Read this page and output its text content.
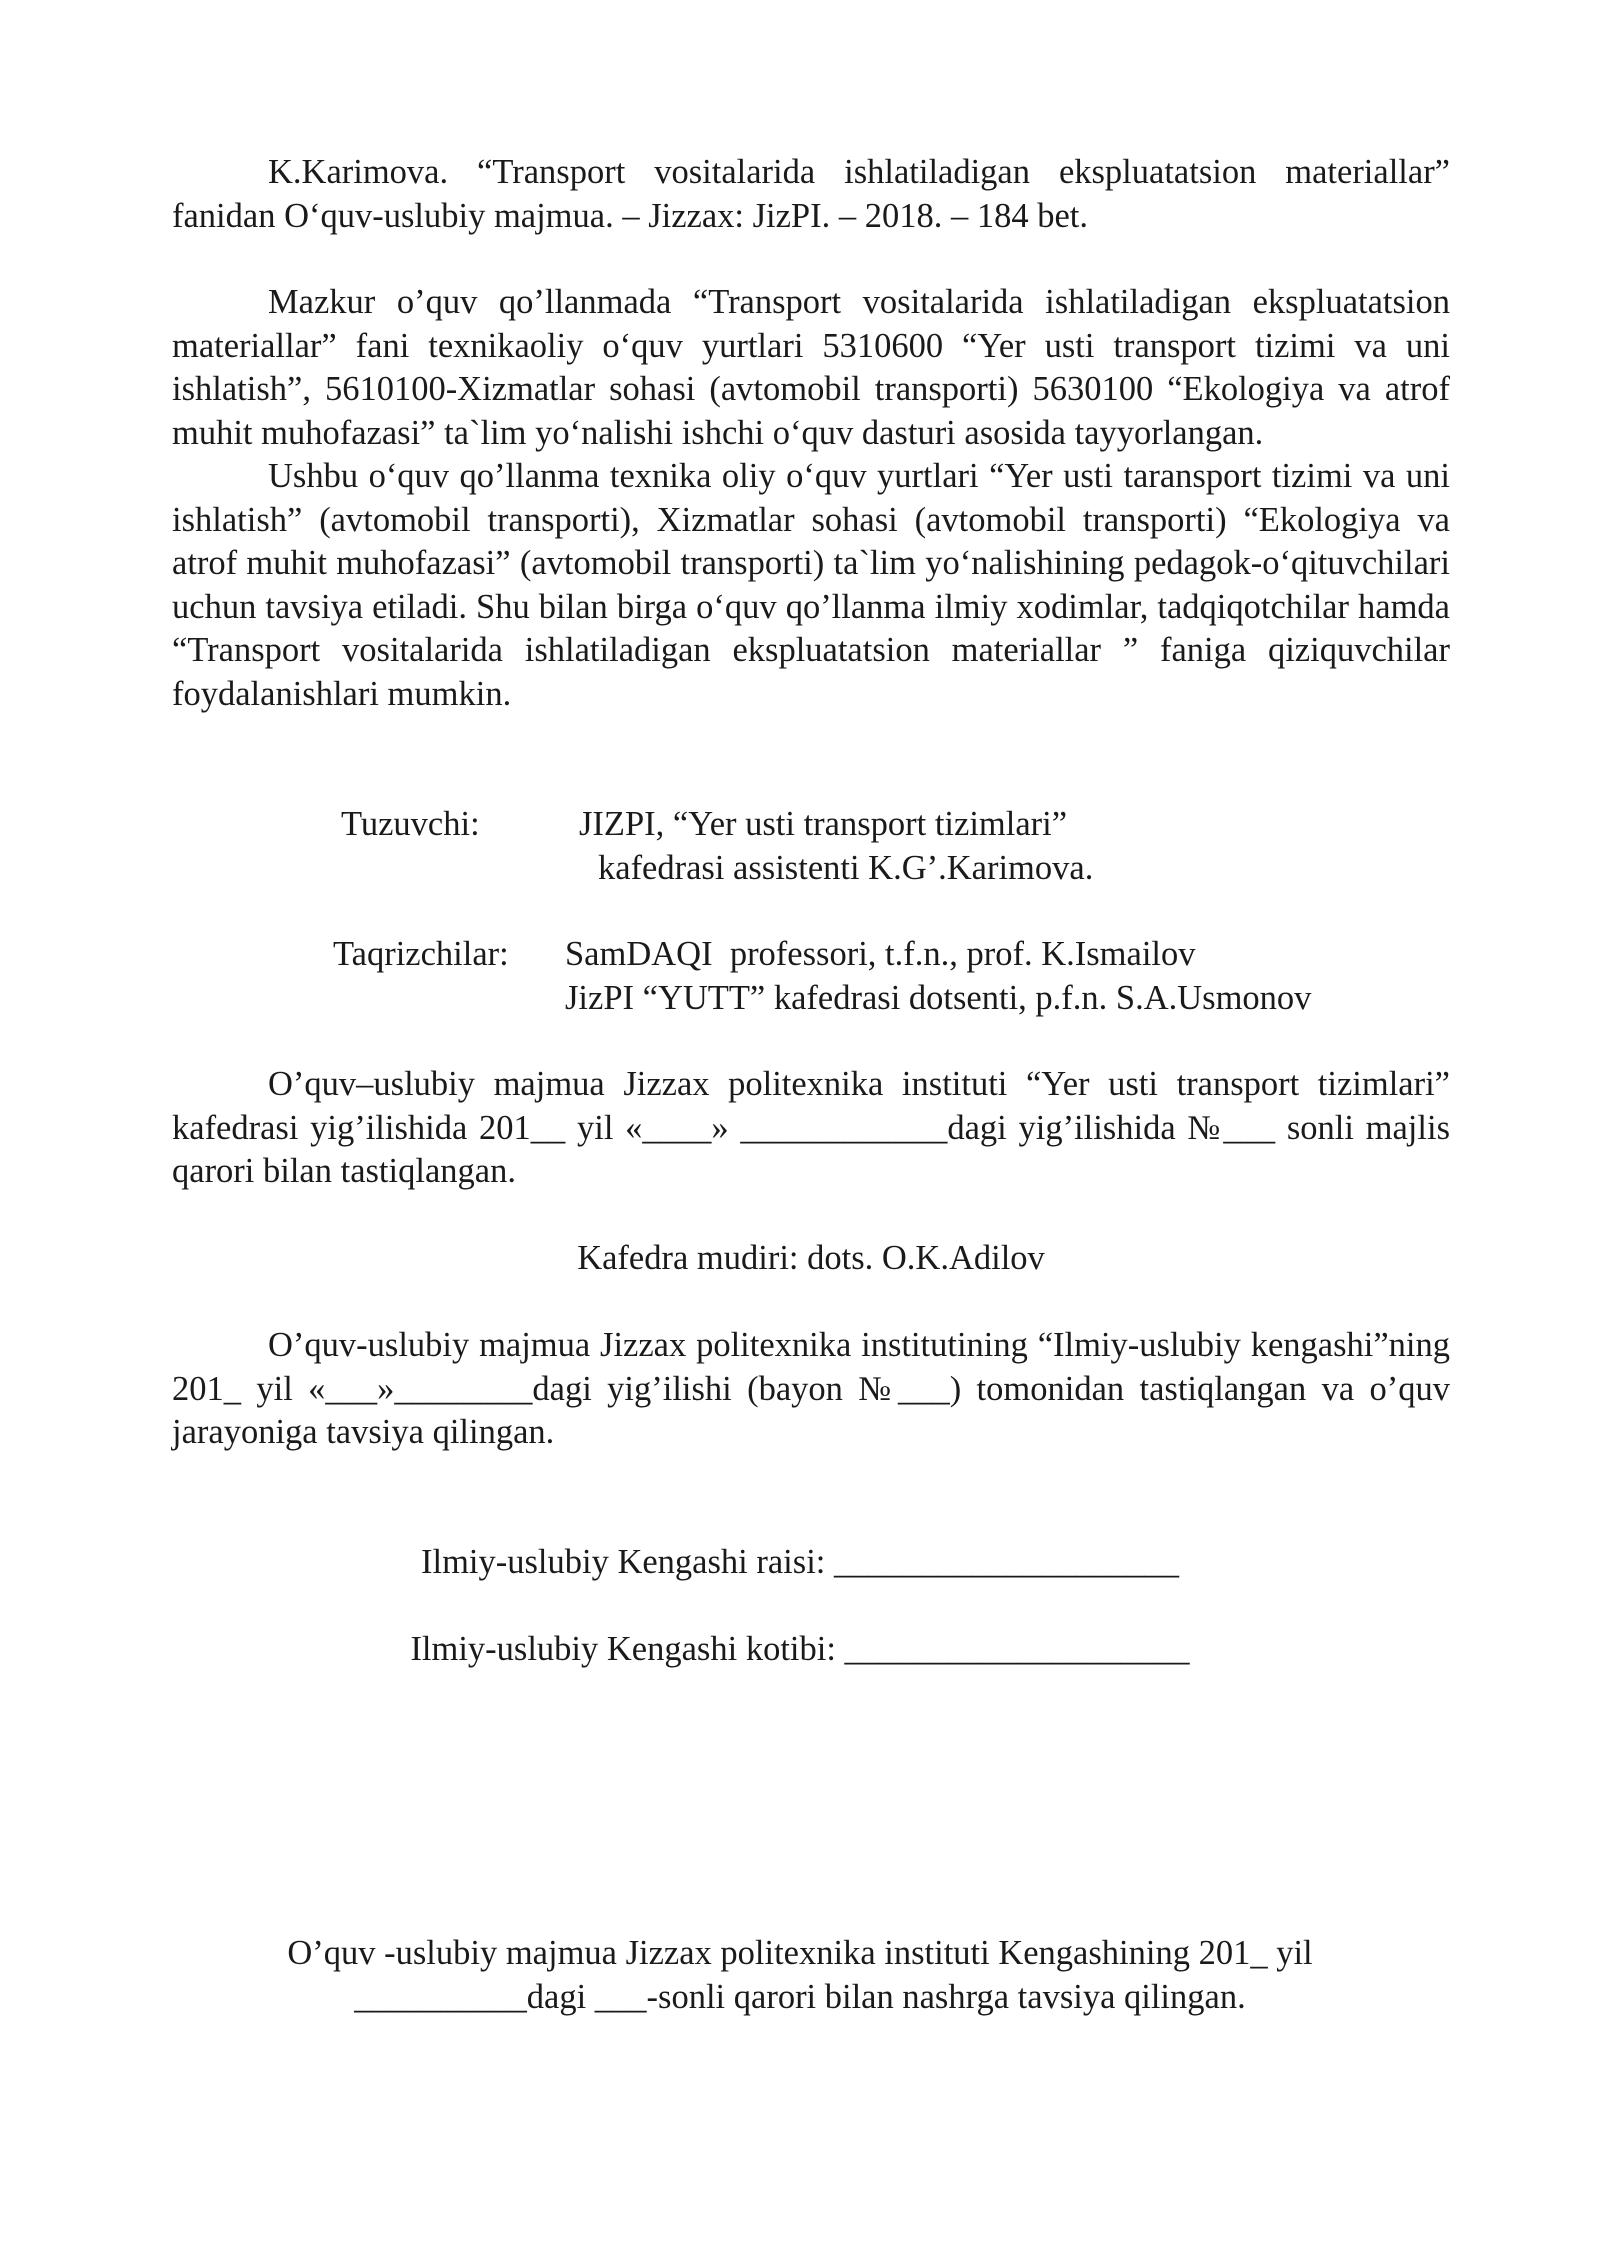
K.Karimova. “Transport vositalarida ishlatiladigan ekspluatatsion materiallar” fanidan O‘quv-uslubiy majmua. – Jizzax: JizPI. – 2018. – 184 bet.

Mazkur o’quv qo’llanmada “Transport vositalarida ishlatiladigan ekspluatatsion materiallar” fani texnikaoliy o‘quv yurtlari 5310600 “Yer usti transport tizimi va uni ishlatish”, 5610100-Xizmatlar sohasi (avtomobil transporti) 5630100 “Ekologiya va atrof muhit muhofazasi” ta`lim yo‘nalishi ishchi o‘quv dasturi asosida tayyorlangan.

Ushbu o‘quv qo’llanma texnika oliy o‘quv yurtlari “Yer usti taransport tizimi va uni ishlatish” (avtomobil transporti), Xizmatlar sohasi (avtomobil transporti) “Ekologiya va atrof muhit muhofazasi” (avtomobil transporti) ta`lim yo‘nalishining pedagok-o‘qituvchilari uchun tavsiya etiladi. Shu bilan birga o‘quv qo’llanma ilmiy xodimlar, tadqiqotchilar hamda “Transport vositalarida ishlatiladigan ekspluatatsion materiallar ” faniga qiziquvchilar foydalanishlari mumkin.

Tuzuvchi:

	JIZPI, “Yer usti transport tizimlari”

kafedrasi assistenti K.G’.Karimova.

Taqrizchilar:

SamDAQI  professori, t.f.n., prof. K.Ismailov

JizPI “YUTT” kafedrasi dotsenti, p.f.n. S.A.Usmonov

O’quv–uslubiy majmua Jizzax politexnika instituti “Yer usti transport tizimlari” kafedrasi yig’ilishida 201__ yil «____» ____________dagi yig’ilishida №___ sonli majlis qarori bilan tastiqlangan.

Kafedra mudiri: dots. O.K.Adilov

O’quv-uslubiy majmua Jizzax politexnika institutining “Ilmiy-uslubiy kengashi”ning 201_ yil «___»________dagi yig’ilishi (bayon №___) tomonidan tastiqlangan va o’quv jarayoniga tavsiya qilingan.

Ilmiy-uslubiy Kengashi raisi: ____________________

Ilmiy-uslubiy Kengashi kotibi: ____________________

O’quv -uslubiy majmua Jizzax politexnika instituti Kengashining 201_ yil

__________dagi ___-sonli qarori bilan nashrga tavsiya qilingan.
